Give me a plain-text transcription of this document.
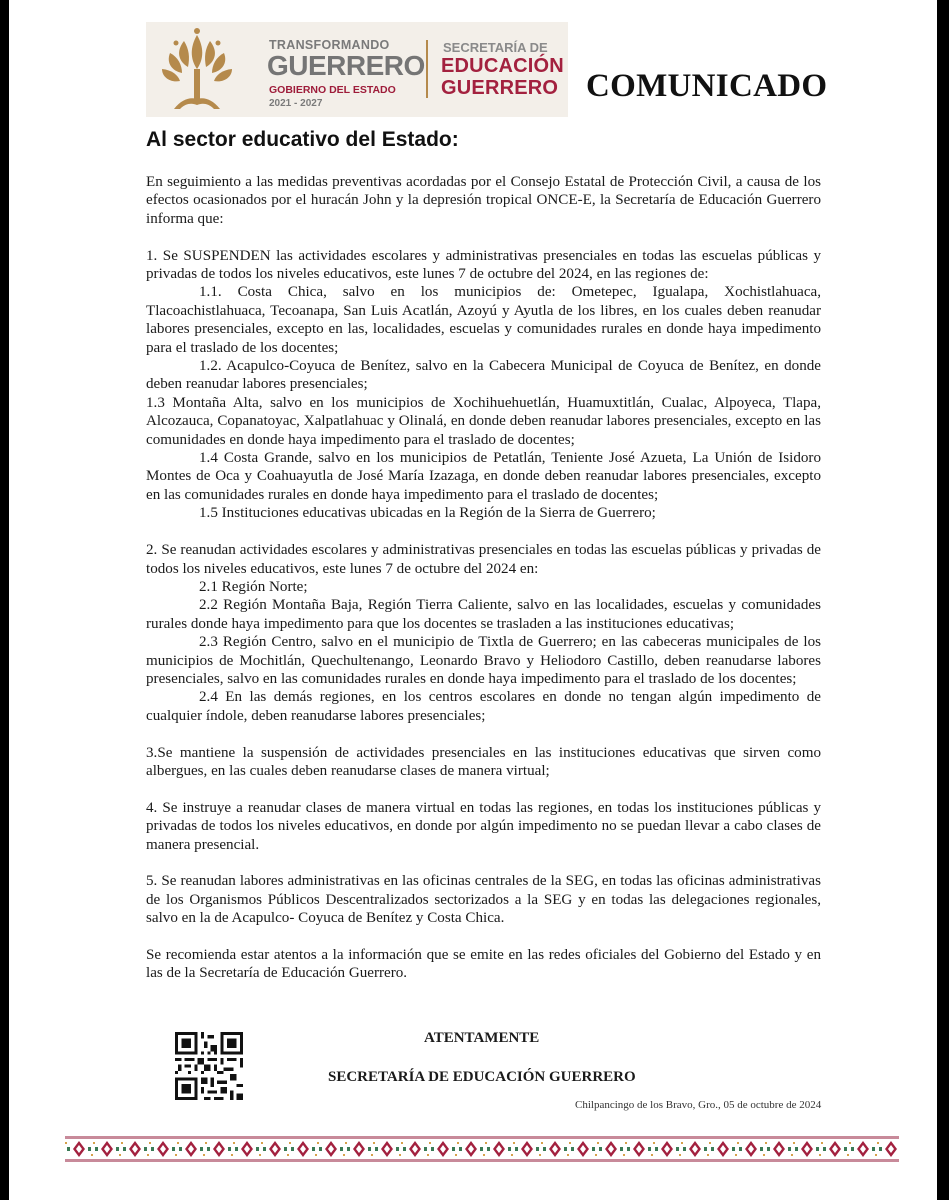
TRANSFORMANDO
GUERRERO
GOBIERNO DEL ESTADO
2021 - 2027
SECRETARÍA DE
EDUCACIÓN
GUERRERO COMUNICADO
Al sector educativo del Estado:

En seguimiento a las medidas preventivas acordadas por el Consejo Estatal de Protección Civil, a causa de los efectos ocasionados por el huracán John y la depresión tropical ONCE-E, la Secretaría de Educación Guerrero informa que:

1. Se SUSPENDEN las actividades escolares y administrativas presenciales en todas las escuelas públicas y privadas de todos los niveles educativos, este lunes 7 de octubre del 2024, en las regiones de:

1.1. Costa Chica, salvo en los municipios de: Ometepec, Igualapa, Xochistlahuaca, Tlacoachistlahuaca, Tecoanapa, San Luis Acatlán, Azoyú y Ayutla de los libres, en los cuales deben reanudar labores presenciales, excepto en las, localidades, escuelas y comunidades rurales en donde haya impedimento para el traslado de los docentes;

1.2. Acapulco-Coyuca de Benítez, salvo en la Cabecera Municipal de Coyuca de Benítez, en donde deben reanudar labores presenciales;

1.3 Montaña Alta, salvo en los municipios de Xochihuehuetlán, Huamuxtitlán, Cualac, Alpoyeca, Tlapa, Alcozauca, Copanatoyac, Xalpatlahuac y Olinalá, en donde deben reanudar labores presenciales, excepto en las comunidades en donde haya impedimento para el traslado de docentes;

1.4 Costa Grande, salvo en los municipios de Petatlán, Teniente José Azueta, La Unión de Isidoro Montes de Oca y Coahuayutla de José María Izazaga, en donde deben reanudar labores presenciales, excepto en las comunidades rurales en donde haya impedimento para el traslado de docentes;

1.5 Instituciones educativas ubicadas en la Región de la Sierra de Guerrero;

2. Se reanudan actividades escolares y administrativas presenciales en todas las escuelas públicas y privadas de todos los niveles educativos, este lunes 7 de octubre del 2024 en:

2.1 Región Norte;

2.2 Región Montaña Baja, Región Tierra Caliente, salvo en las localidades, escuelas y comunidades rurales donde haya impedimento para que los docentes se trasladen a las instituciones educativas;

2.3 Región Centro, salvo en el municipio de Tixtla de Guerrero; en las cabeceras municipales de los municipios de Mochitlán, Quechultenango, Leonardo Bravo y Heliodoro Castillo, deben reanudarse labores presenciales, salvo en las comunidades rurales en donde haya impedimento para el traslado de los docentes;

2.4 En las demás regiones, en los centros escolares en donde no tengan algún impedimento de cualquier índole, deben reanudarse labores presenciales;

3.Se mantiene la suspensión de actividades presenciales en las instituciones educativas que sirven como albergues, en las cuales deben reanudarse clases de manera virtual;

4. Se instruye a reanudar clases de manera virtual en todas las regiones, en todas los instituciones públicas y privadas de todos los niveles educativos, en donde por algún impedimento no se puedan llevar a cabo clases de manera presencial.

5. Se reanudan labores administrativas en las oficinas centrales de la SEG, en todas las oficinas administrativas de los Organismos Públicos Descentralizados sectorizados a la SEG y en todas las delegaciones regionales, salvo en la de Acapulco- Coyuca de Benítez y Costa Chica.

Se recomienda estar atentos a la información que se emite en las redes oficiales del Gobierno del Estado y en las de la Secretaría de Educación Guerrero.

ATENTAMENTE
SECRETARÍA DE EDUCACIÓN GUERRERO
Chilpancingo de los Bravo, Gro., 05 de octubre de 2024
